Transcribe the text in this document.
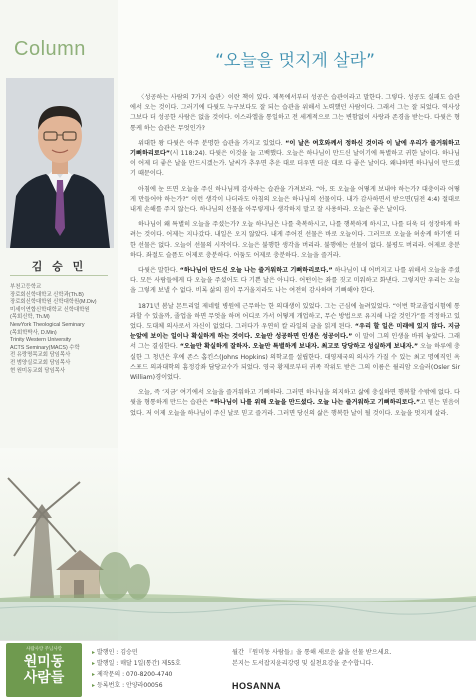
Column
김 승 민
부천고등학교
장로회신학대학교 신학과(Th.B)
장로회신학대학원 신학대학원(M.Div)
미세이연합신학대학교 신학대학원
(목회신학, Th.M)
NewYork Theological Seminary
(목회학박사, D.Min)
Trinity Western University
ACTS Seminary(MACS) 수학
전 유랑명목교회 담임목사
전 범양실로교회 담임목사
현 원미동교회 담임목사
“오늘을 멋지게 살라”

〈성공하는 사람의 7가지 습관〉이란 책이 있다. 제목에서부터 성공은 습관이라고 말한다. 그렇다. 성공도 실패도 습관에서 오는 것이다. 그러기에 다윗도 누구보다도 잘 되는 습관을 위해서 노력했던 사람이다. 그래서 그는 잘 되었다. 역사상 그보다 더 성공한 사람은 없을 것이다. 이스라엘을 통일하고 전 세계적으로 그는 변함없이 사랑과 존경을 받는다. 다윗은 형통케 하는 습관은 무엇인가?

위대한 왕 다윗은 아주 분명한 습관을 가지고 있었다. “이 날은 여호와께서 정하신 것이라 이 날에 우리가 즐거워하고 기뻐하리로다”(시 118:24). 다윗은 이것을 늘 고백했다. 오늘은 하나님이 만드신 날이기에 특별하고 귀한 날이다. 하나님이 어제 더 좋은 날을 만드시겠는가. 날씨가 추우면 추운 대로 더우면 더운 대로 다 좋은 날이다. 왜냐하면 하나님이 만드셨기 때문이다.

아침에 눈 뜨면 오늘을 주신 하나님께 감사하는 습관을 가져보라. “아, 또 오늘을 어떻게 보내야 하는가? 대충이라 어떻게 만들어야 하는가?” 이런 생각이 나더라도 아침의 오늘은 하나님의 선물이다. 내가 감사하면서 받으면(딤전 4:4) 절대로 내게 손해를 주지 않는다. 하나님의 선물을 아무렇게나 생각하지 말고 잘 사용하라. 오늘은 좋은 날이다.

하나님이 왜 특별히 오늘을 주셨는가? 오늘 하나님은 나를 축복하시고, 나를 행복하게 하시고, 나를 더욱 더 성장하게 하려는 것이다. 어제는 지나갔다. 내일은 오지 않았다. 내게 주어진 선물은 바로 오늘이다. 그러므로 오늘을 허송케 하기엔 더한 선물은 없다. 오늘이 선물의 시작이다. 오늘은 불행한 생각을 버리라. 불행에는 선물이 없다. 불평도 버리라. 어제로 충분하다. 좌절도 슬픔도 어제로 충분하다. 어둠도 어제로 충분하다. 오늘을 즐거라.

다윗은 말한다. “하나님이 만드신 오늘 나는 즐거워하고 기뻐하리로다.” 하나님이 내 어버지고 나를 위해서 오늘을 주셨다. 모든 사람들에게 다 오늘을 주셨어도 다 기쁜 날은 아니다. 어떤이는 좌를 짓고 미워하고 화낸다. 그렇지만 우리는 오늘을 그렇게 보낼 수 없다. 비록 삶의 짐이 무거울지라도 나는 여전히 감사하며 기뻐해야 한다.

1871년 봄날 몬트리얼 제네럴 병원에 근무하는 한 의대생이 있었다. 그는 근심에 놀려있었다. “이번 학교졸업시험에 통과할 수 있을까, 졸업을 하면 무엇을 하며 어디로 가서 어떻게 개업하고, 무슨 방법으로 유지해 나갈 것인가”를 걱정하고 있었다. 도대체 의사로서 자신이 없었다. 그러다가 우연히 칼 라일의 글을 읽게 된다. “우리 할 일은 미래에 있지 않다. 지금 눈앞에 보이는 일이나 확실하게 하는 것이다. 오늘만 성공하면 인생은 성공이다.” 이 말이 그의 인생을 바꿔 놓았다. 그래서 그는 결심한다. “오늘만 확실하게 잘하자. 오늘만 특별하게 보내자. 최고로 당당하고 성실하게 보내자.” 오늘 하루에 충실한 그 청년은 후에 존스 홉킨스(Johns Hopkins) 의학교를 설립한다. 대영제국의 의사가 가질 수 있는 최고 명예직인 옥스포드 의과대학의 흠정강좌 담당교수가 되었다. 영국 황제로부터 귀족 작위도 받은 그의 이름은 윌리암 오슬러(Osler Sir William)경이었다.

오늘, 즉 ‘지금’ 여기에서 오늘을 즐거워하고 기뻐하라. 그러면 하나님을 의지하고 삶에 충실하면 행복할 수밖에 없다. 다윗을 형통하게 만드는 습관은 “하나님이 나를 위해 오늘을 만드셨다. 오늘 나는 즐거워하고 기뻐하리로다.”고 믿는 믿음이었다. 저 이제 오늘을 하나님이 주신 날로 믿고 즐거라. 그러면 당신의 삶은 행복한 날이 될 것이다. 오늘을 멋지게 살라.

사람사랑 주님사랑
원미동
사람들
▸ 발행인 : 김승민
▸ 발행일 : 매달 1일(통간) 제55호
▸ 제작문의 : 070-8200-4740
▸ 등록번호 : 안양라00056
월간 『원미동 사람들』을 통해 새로운 삶을 선물 받으세요.
본지는 도서잡지윤리강령 및 실천요강을 준수합니다.
HOSANNA
